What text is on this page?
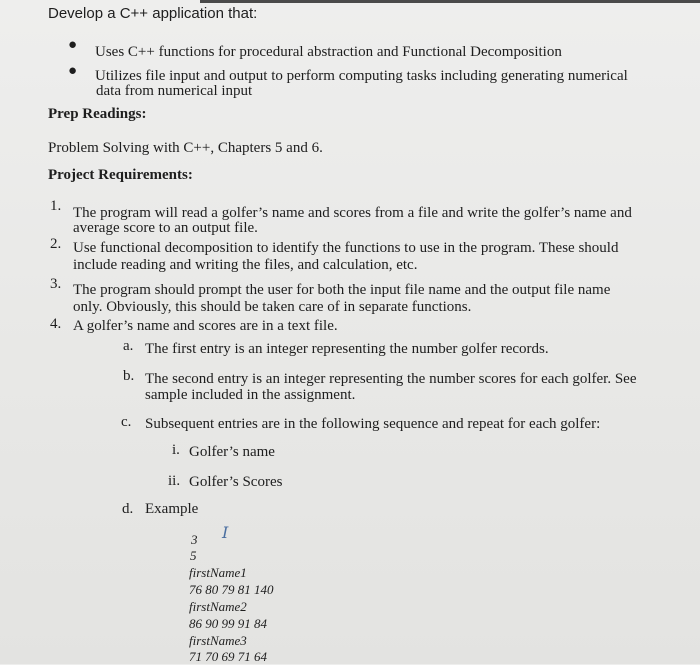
Develop a C++ application that:
● Uses C++ functions for procedural abstraction and Functional Decomposition
● Utilizes file input and output to perform computing tasks including generating numerical
data from numerical input
Prep Readings:
Problem Solving with C++, Chapters 5 and 6.
Project Requirements:
1. The program will read a golfer’s name and scores from a file and write the golfer’s name and
average score to an output file.
2. Use functional decomposition to identify the functions to use in the program. These should
include reading and writing the files, and calculation, etc.
3. The program should prompt the user for both the input file name and the output file name
only. Obviously, this should be taken care of in separate functions.
4. A golfer’s name and scores are in a text file.
a. The first entry is an integer representing the number golfer records.
b. The second entry is an integer representing the number scores for each golfer. See
sample included in the assignment.
c. Subsequent entries are in the following sequence and repeat for each golfer:
i. Golfer’s name
ii. Golfer’s Scores
d. Example
3
5
firstName1
76 80 79 81 140
firstName2
86 90 99 91 84
firstName3
71 70 69 71 64
I
